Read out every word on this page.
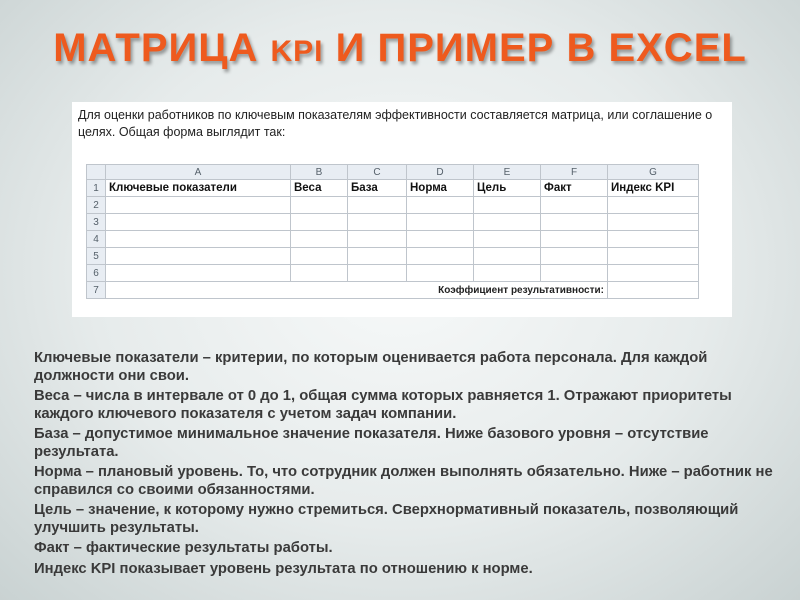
МАТРИЦА KPI И ПРИМЕР В EXCEL
Для оценки работников по ключевым показателям эффективности составляется матрица, или соглашение о целях. Общая форма выглядит так:
	A	B	C	D	E	F	G
1	Ключевые показатели	Веса	База	Норма	Цель	Факт	Индекс KPI
2							
3							
4							
5							
6							
7	Коэффициент результативности:						

Ключевые показатели – критерии, по которым оценивается работа персонала. Для каждой должности они свои.

Веса – числа в интервале от 0 до 1, общая сумма которых равняется 1. Отражают приоритеты каждого ключевого показателя с учетом задач компании.

База – допустимое минимальное значение показателя. Ниже базового уровня – отсутствие результата.

Норма – плановый уровень. То, что сотрудник должен выполнять обязательно. Ниже – работник не справился со своими обязанностями.

Цель – значение, к которому нужно стремиться. Сверхнормативный показатель, позволяющий улучшить результаты.

Факт – фактические результаты работы.

Индекс KPI показывает уровень результата по отношению к норме.
